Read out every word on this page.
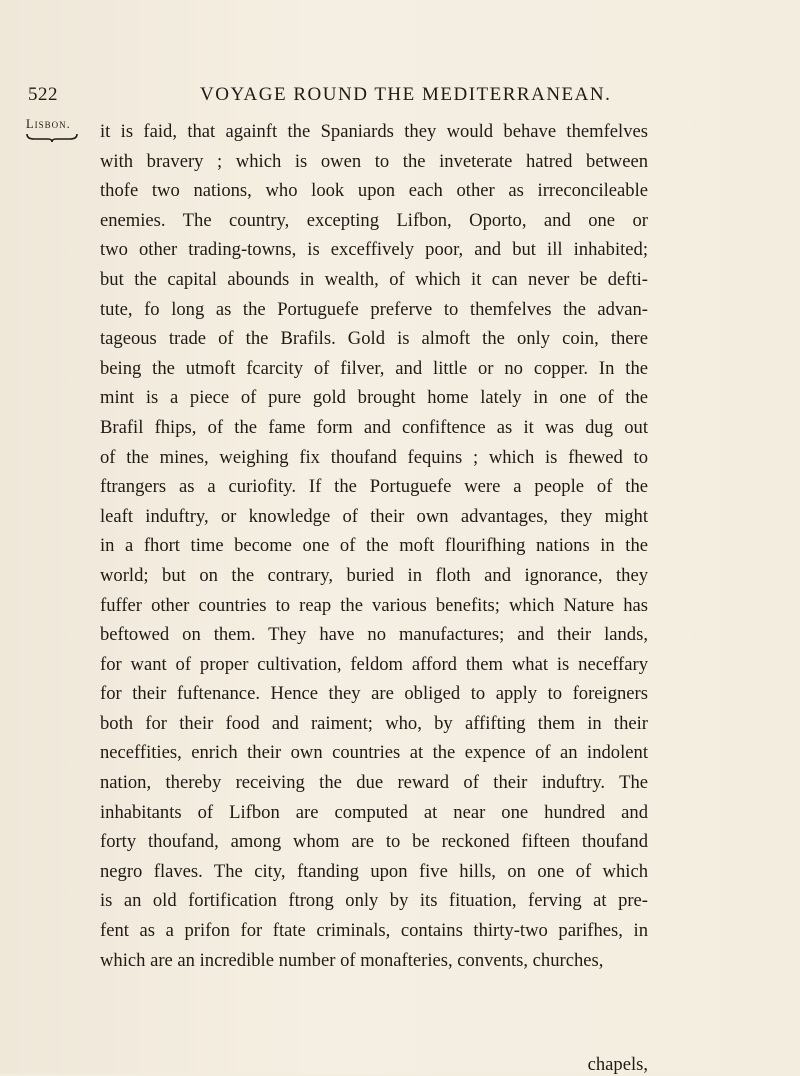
522	VOYAGE ROUND THE MEDITERRANEAN.
Lisbon. it is faid, that againft the Spaniards they would behave themfelves
with bravery ; which is owen to the inveterate hatred between
thofe two nations, who look upon each other as irreconcileable
enemies. The country, excepting Lifbon, Oporto, and one or
two other trading-towns, is exceffively poor, and but ill inhabited;
but the capital abounds in wealth, of which it can never be defti-
tute, fo long as the Portuguefe preferve to themfelves the advan-
tageous trade of the Brafils. Gold is almoft the only coin, there
being the utmoft fcarcity of filver, and little or no copper. In the
mint is a piece of pure gold brought home lately in one of the
Brafil fhips, of the fame form and confiftence as it was dug out
of the mines, weighing fix thoufand fequins ; which is fhewed to
ftrangers as a curiofity. If the Portuguefe were a people of the
leaft induftry, or knowledge of their own advantages, they might
in a fhort time become one of the moft flourifhing nations in the
world; but on the contrary, buried in floth and ignorance, they
fuffer other countries to reap the various benefits; which Nature has
beftowed on them. They have no manufactures; and their lands,
for want of proper cultivation, feldom afford them what is neceffary
for their fuftenance. Hence they are obliged to apply to foreigners
both for their food and raiment; who, by affifting them in their
neceffities, enrich their own countries at the expence of an indolent
nation, thereby receiving the due reward of their induftry. The
inhabitants of Lifbon are computed at near one hundred and
forty thoufand, among whom are to be reckoned fifteen thoufand
negro flaves. The city, ftanding upon five hills, on one of which
is an old fortification ftrong only by its fituation, ferving at pre-
fent as a prifon for ftate criminals, contains thirty-two parifhes, in
which are an incredible number of monafteries, convents, churches,
chapels,
